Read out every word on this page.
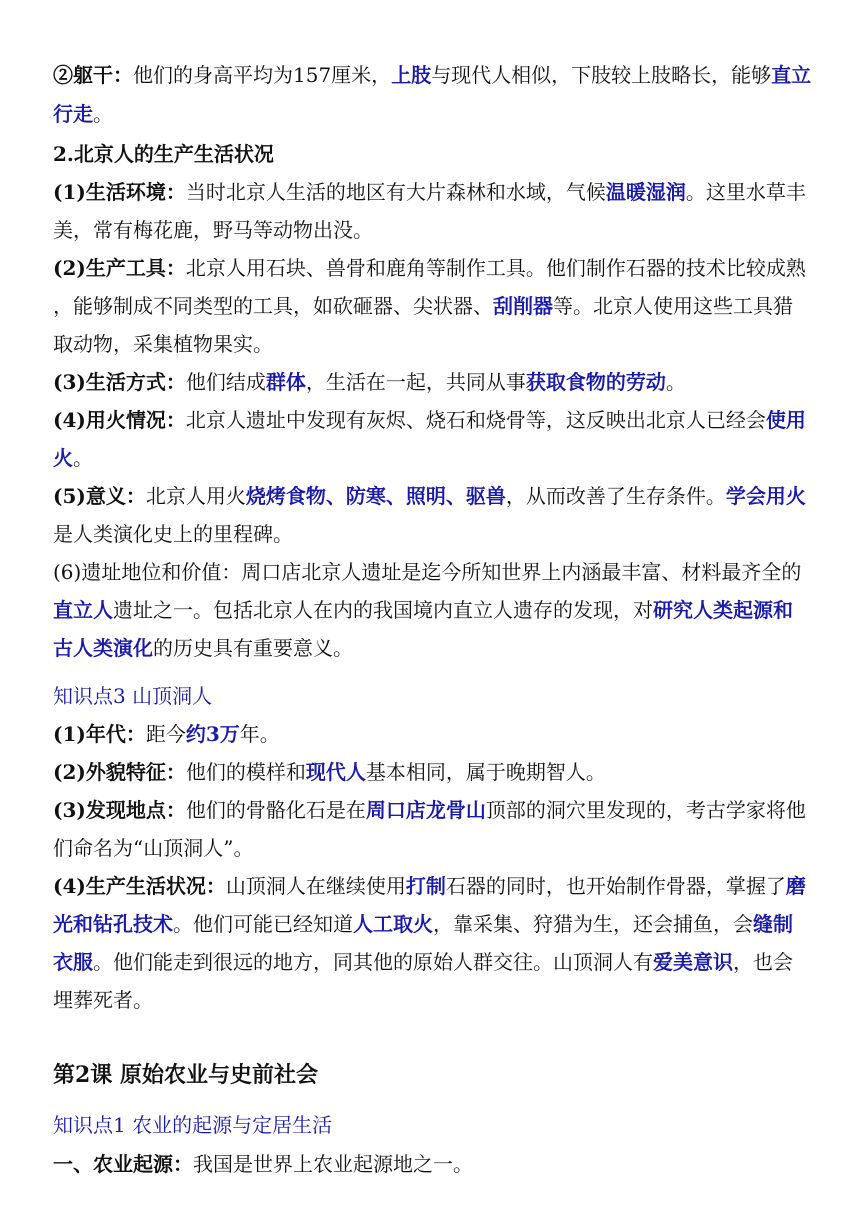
②躯干：他们的身高平均为157厘米，上肢与现代人相似，下肢较上肢略长，能够直立
行走。
2.北京人的生产生活状况
(1)生活环境：当时北京人生活的地区有大片森林和水域，气候温暖湿润。这里水草丰
美，常有梅花鹿，野马等动物出没。
(2)生产工具：北京人用石块、兽骨和鹿角等制作工具。他们制作石器的技术比较成熟
，能够制成不同类型的工具，如砍砸器、尖状器、刮削器等。北京人使用这些工具猎
取动物，采集植物果实。
(3)生活方式：他们结成群体，生活在一起，共同从事获取食物的劳动。
(4)用火情况：北京人遗址中发现有灰烬、烧石和烧骨等，这反映出北京人已经会使用
火。
(5)意义：北京人用火烧烤食物、防寒、照明、驱兽，从而改善了生存条件。学会用火
是人类演化史上的里程碑。
(6)遗址地位和价值：周口店北京人遗址是迄今所知世界上内涵最丰富、材料最齐全的
直立人遗址之一。包括北京人在内的我国境内直立人遗存的发现，对研究人类起源和
古人类演化的历史具有重要意义。
知识点3 山顶洞人
(1)年代：距今约3万年。
(2)外貌特征：他们的模样和现代人基本相同，属于晚期智人。
(3)发现地点：他们的骨骼化石是在周口店龙骨山顶部的洞穴里发现的，考古学家将他
们命名为“山顶洞人”。
(4)生产生活状况：山顶洞人在继续使用打制石器的同时，也开始制作骨器，掌握了磨
光和钻孔技术。他们可能已经知道人工取火，靠采集、狩猎为生，还会捕鱼，会缝制
衣服。他们能走到很远的地方，同其他的原始人群交往。山顶洞人有爱美意识，也会
埋葬死者。
第2课 原始农业与史前社会
知识点1 农业的起源与定居生活
一、农业起源：我国是世界上农业起源地之一。
